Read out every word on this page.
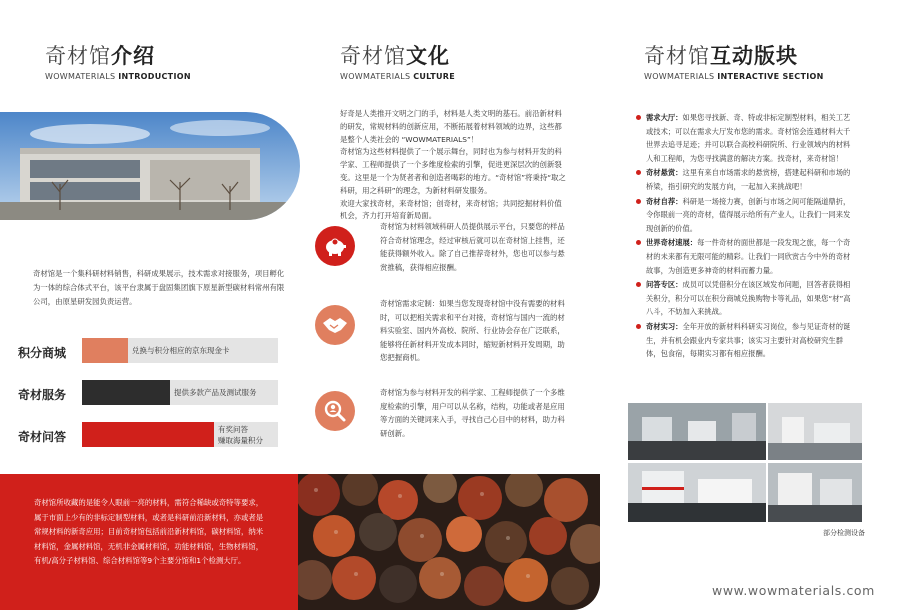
奇材馆介绍
WOWMATERIALS INTRODUCTION
奇材馆是一个集科研材料销售，科研成果展示，技术需求对接服务，项目孵化为一体的综合体式平台，该平台隶属于盘固集团旗下原星新型碳材料常州有限公司，由原星研发园负责运营。
积分商城	兑换与积分相应的京东现金卡
奇材服务	提供多款产品及测试服务
奇材问答
有奖问答
赚取海量积分
奇材馆所收藏的是能令人眼前一亮的材料，需符合稀缺或奇特等要求，属于市面上少有的非标定制型材料，或者是科研前沿新材料，亦或者是常规材料的新奇应用；目前奇材馆包括前沿新材料馆，碳材料馆，纳米材料馆，金属材料馆，无机非金属材料馆，功能材料馆，生物材料馆，有机/高分子材料馆、综合材料馆等9个主要分馆和1个检测大厅。
奇材馆文化
WOWMATERIALS CULTURE
好奇是人类推开文明之门的手，材料是人类文明的基石。前沿新材料的研发，常规材料的创新应用，不断拓展着材料领域的边界，这些都是整个人类社会的 “WOWMATERIALS”！
奇材馆为这些材料提供了一个展示舞台，同时也为参与材料开发的科学家、工程师提供了一个多维度检索的引擎，促进更深层次的创新裂变。这里是一个为贤者者和创造者喝彩的地方。“奇材馆”将秉持“取之科研，用之科研”的理念，为新材料研发服务。
欢迎大家找奇材，来奇材馆；创奇材，来奇材馆；共同挖掘材料价值机会，齐力打开培育新局面。
奇材馆为材料领域科研人员提供展示平台，只要您的样品符合奇材馆理念，经过审核后就可以在奇材馆上挂售，还能获得额外收入。除了自己推荐奇材外，您也可以参与悬赏推稿，获得相应报酬。
奇材馆需求定制：如果当您发现奇材馆中没有需要的材料时，可以把相关需求和平台对接，奇材馆与国内一流的材料实验室、国内外高校、院所、行业协会存在广泛联系，能够将任新材料开发成本同时，缩短新材料开发周期，助您把握商机。
奇材馆为参与材料开发的科学家、工程师提供了一个多维度检索的引擎，用户可以从名称，结构，功能或者是应用等方面的关键词来入手，寻找自己心目中的材料，助力科研创新。
奇材馆互动版块
WOWMATERIALS INTERACTIVE SECTION
需求大厅：如果您寻找新、奇、特或非标定制型材料，相关工艺或技术；可以在需求大厅发布您的需求。奇材馆会连通材料大千世界去追寻足迹；并可以联合高校科研院所、行业领域内的材料人和工程师，为您寻找满意的解决方案。找奇材，来奇材馆！
奇材悬赏：这里有来自市场需求的悬赏榜，搭建起科研和市场的桥梁，指引研究的发展方向，一起加入来挑战吧！
奇材自荐：科研是一场接力赛，创新与市场之间可能隔道鼎折，令你眼前一亮的奇材，值得展示给所有产业人，让我们一同来发现创新的价值。
世界奇材速展：每一件奇材的面世都是一段发现之旅，每一个奇材的未来都有无限可能的精彩。让我们一同欣赏古今中外的奇材故事，为创造更多神奇的材料而蓄力量。
问答专区：成员可以凭借积分在该区域发布问题，回答者获得相关积分，积分可以在积分商城兑换购物卡等礼品，如果您“材”高八斗，不妨加入来挑战。
奇材实习：全年开放的新材料科研实习岗位，参与见证奇材的诞生，并有机会跟业内专家共事；该实习主要针对高校研究生群体，包食宿，每期实习都有相应报酬。
部分检测设备
www.wowmaterials.com
